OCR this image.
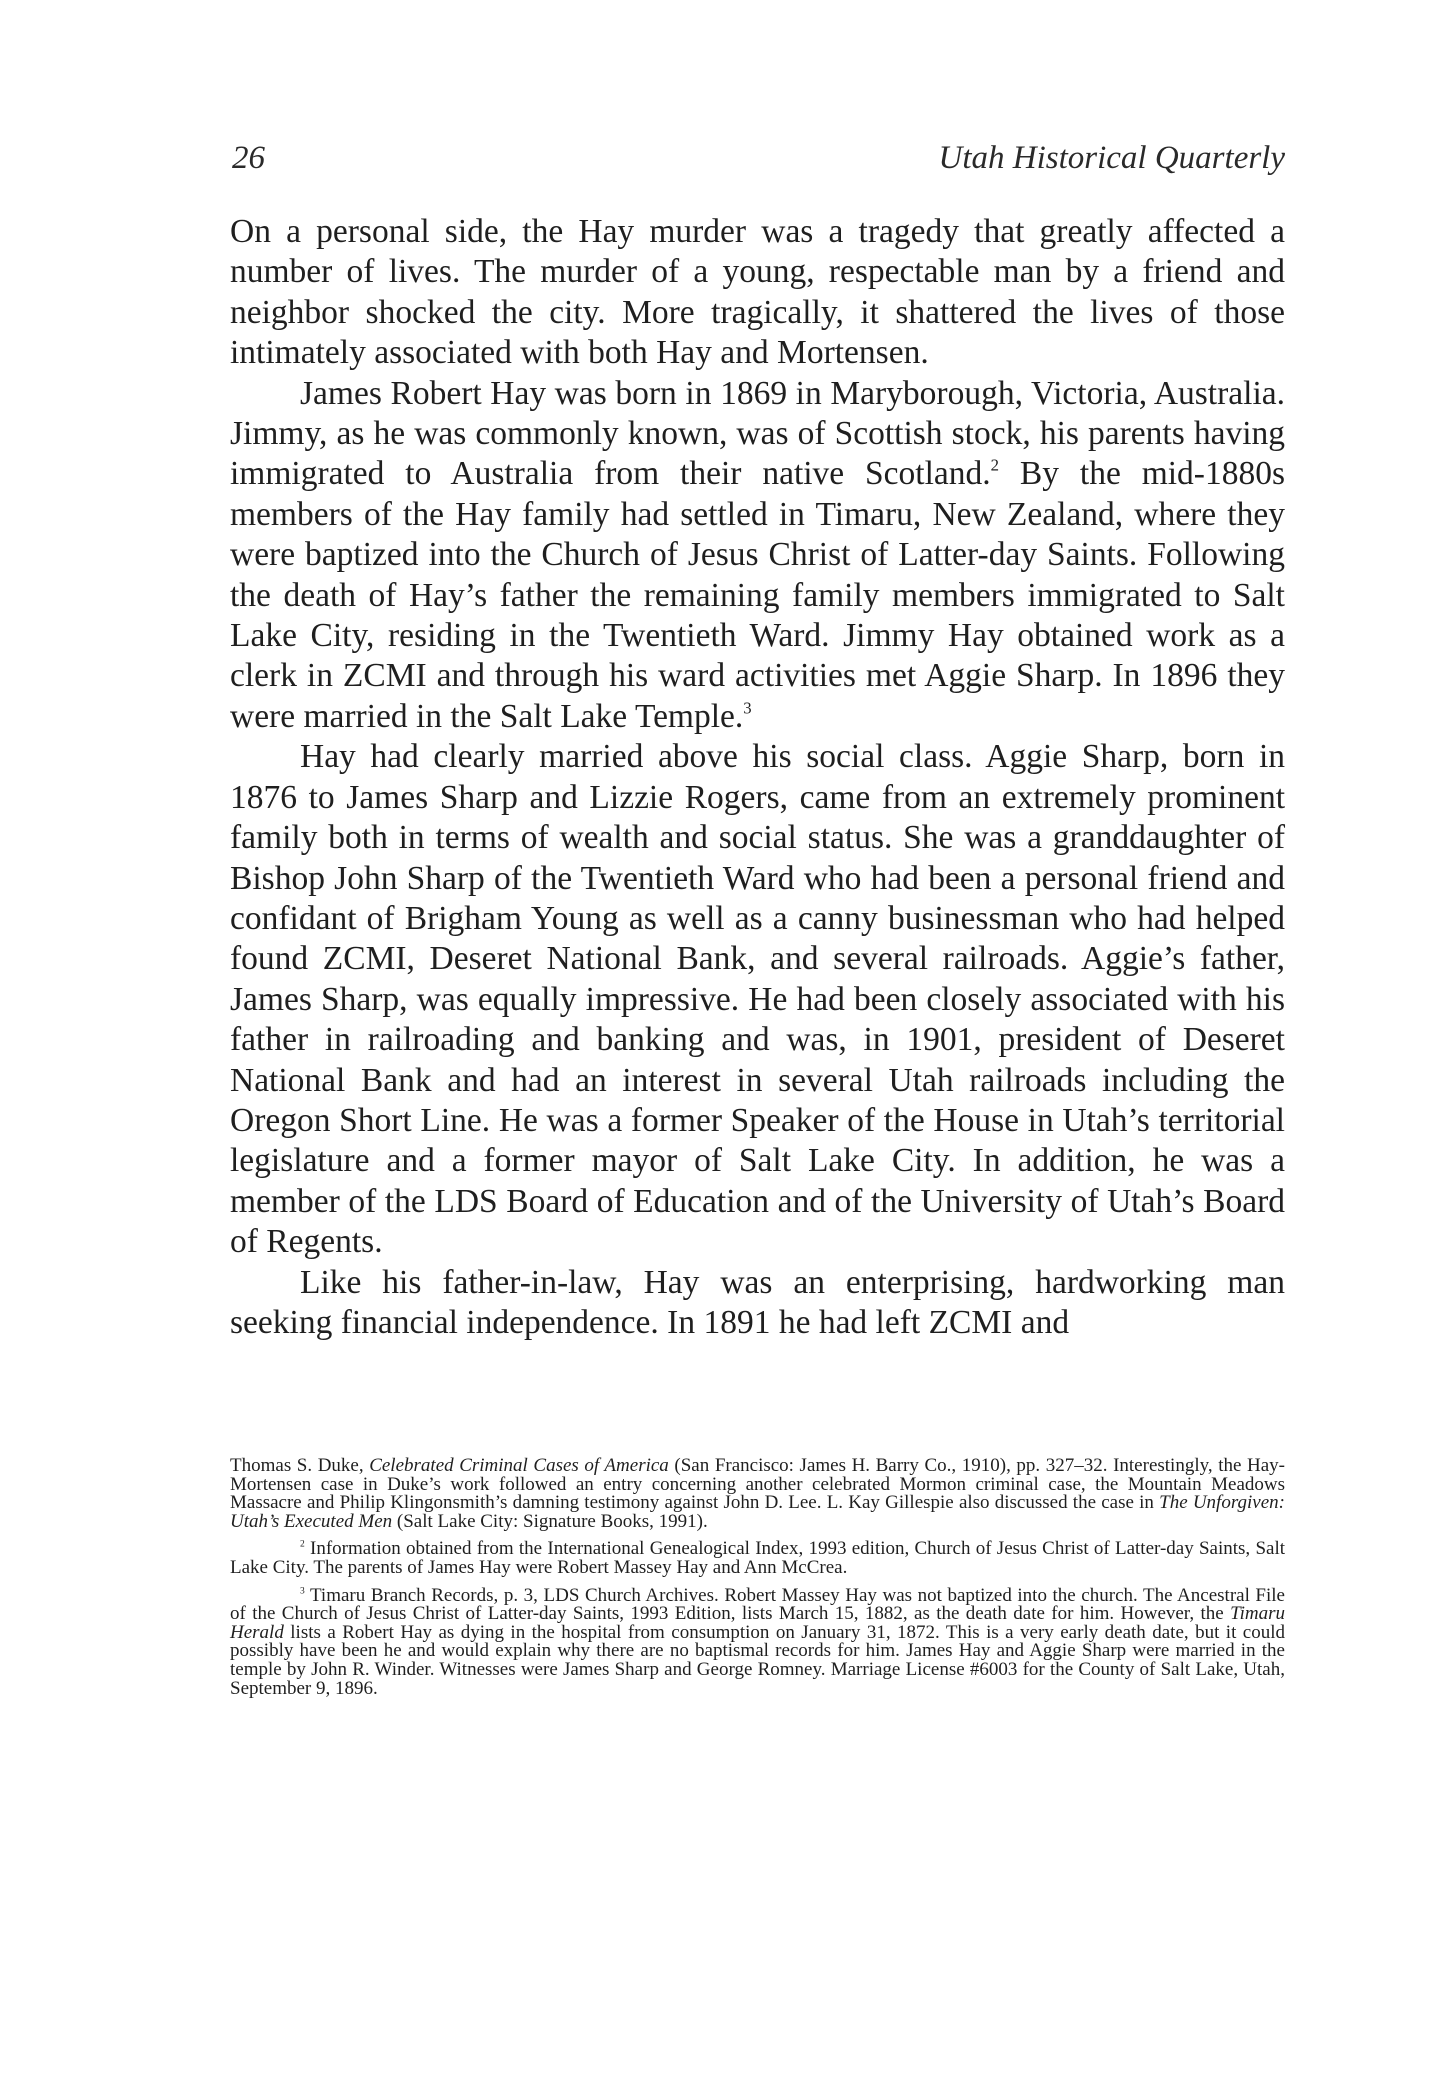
26	Utah Historical Quarterly

On a personal side, the Hay murder was a tragedy that greatly affected a number of lives. The murder of a young, respectable man by a friend and neighbor shocked the city. More tragically, it shattered the lives of those intimately associated with both Hay and Mortensen.

James Robert Hay was born in 1869 in Maryborough, Victoria, Australia. Jimmy, as he was commonly known, was of Scottish stock, his parents having immigrated to Australia from their native Scotland.$^2$ By the mid-1880s members of the Hay family had settled in Timaru, New Zealand, where they were baptized into the Church of Jesus Christ of Latter-day Saints. Following the death of Hay’s father the remaining family members immigrated to Salt Lake City, residing in the Twentieth Ward. Jimmy Hay obtained work as a clerk in ZCMI and through his ward activities met Aggie Sharp. In 1896 they were married in the Salt Lake Temple.$^3$

Hay had clearly married above his social class. Aggie Sharp, born in 1876 to James Sharp and Lizzie Rogers, came from an extremely prominent family both in terms of wealth and social status. She was a granddaughter of Bishop John Sharp of the Twentieth Ward who had been a personal friend and confidant of Brigham Young as well as a canny businessman who had helped found ZCMI, Deseret National Bank, and several railroads. Aggie’s father, James Sharp, was equally impressive. He had been closely associated with his father in railroading and banking and was, in 1901, president of Deseret National Bank and had an interest in several Utah railroads including the Oregon Short Line. He was a former Speaker of the House in Utah’s territorial legislature and a former mayor of Salt Lake City. In addition, he was a member of the LDS Board of Education and of the University of Utah’s Board of Regents.

Like his father-in-law, Hay was an enterprising, hardworking man seeking financial independence. In 1891 he had left ZCMI and

Thomas S. Duke, Celebrated Criminal Cases of America (San Francisco: James H. Barry Co., 1910), pp. 327–32. Interestingly, the Hay-Mortensen case in Duke’s work followed an entry concerning another celebrated Mormon criminal case, the Mountain Meadows Massacre and Philip Klingonsmith’s damning testimony against John D. Lee. L. Kay Gillespie also discussed the case in The Unforgiven: Utah’s Executed Men (Salt Lake City: Signature Books, 1991).

$^2$ Information obtained from the International Genealogical Index, 1993 edition, Church of Jesus Christ of Latter-day Saints, Salt Lake City. The parents of James Hay were Robert Massey Hay and Ann McCrea.

$^3$ Timaru Branch Records, p. 3, LDS Church Archives. Robert Massey Hay was not baptized into the church. The Ancestral File of the Church of Jesus Christ of Latter-day Saints, 1993 Edition, lists March 15, 1882, as the death date for him. However, the Timaru Herald lists a Robert Hay as dying in the hospital from consumption on January 31, 1872. This is a very early death date, but it could possibly have been he and would explain why there are no baptismal records for him. James Hay and Aggie Sharp were married in the temple by John R. Winder. Witnesses were James Sharp and George Romney. Marriage License #6003 for the County of Salt Lake, Utah, September 9, 1896.
